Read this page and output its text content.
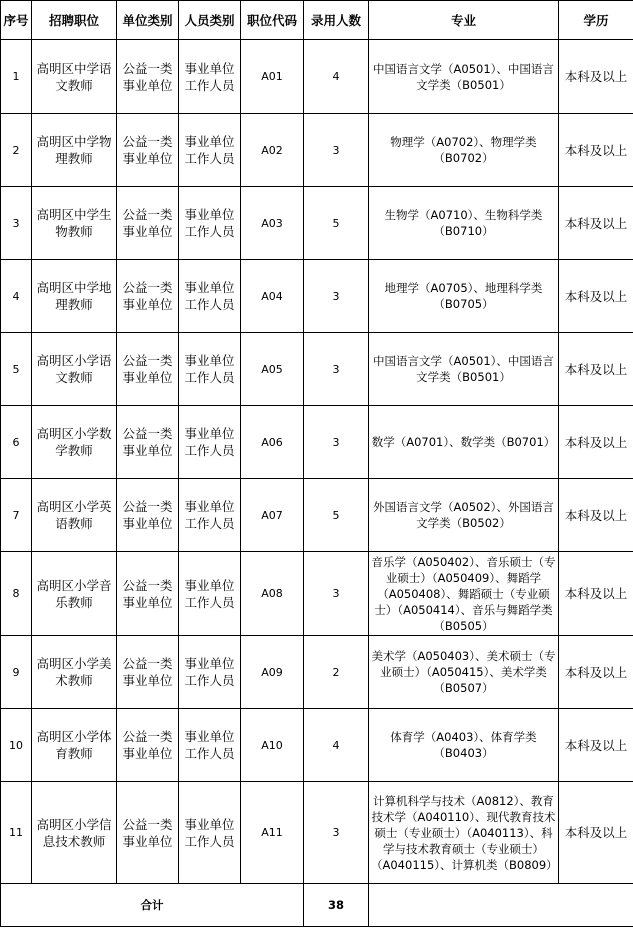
序号	招聘职位	单位类别	人员类别	职位代码	录用人数	专业	学历
1	高明区中学语文教师	公益一类事业单位	事业单位工作人员	A01	4	中国语言文学（A0501）、中国语言文学类（B0501）	本科及以上
2	高明区中学物理教师	公益一类事业单位	事业单位工作人员	A02	3	物理学（A0702）、物理学类（B0702）	本科及以上
3	高明区中学生物教师	公益一类事业单位	事业单位工作人员	A03	5	生物学（A0710）、生物科学类（B0710）	本科及以上
4	高明区中学地理教师	公益一类事业单位	事业单位工作人员	A04	3	地理学（A0705）、地理科学类（B0705）	本科及以上
5	高明区小学语文教师	公益一类事业单位	事业单位工作人员	A05	3	中国语言文学（A0501）、中国语言文学类（B0501）	本科及以上
6	高明区小学数学教师	公益一类事业单位	事业单位工作人员	A06	3	数学（A0701）、数学类（B0701）	本科及以上
7	高明区小学英语教师	公益一类事业单位	事业单位工作人员	A07	5	外国语言文学（A0502）、外国语言文学类（B0502）	本科及以上
8	高明区小学音乐教师	公益一类事业单位	事业单位工作人员	A08	3	音乐学（A050402）、音乐硕士（专业硕士）（A050409）、舞蹈学（A050408）、舞蹈硕士（专业硕士）（A050414）、音乐与舞蹈学类（B0505）	本科及以上
9	高明区小学美术教师	公益一类事业单位	事业单位工作人员	A09	2	美术学（A050403）、美术硕士（专业硕士）（A050415）、美术学类（B0507）	本科及以上
10	高明区小学体育教师	公益一类事业单位	事业单位工作人员	A10	4	体育学（A0403）、体育学类（B0403）	本科及以上
11	高明区小学信息技术教师	公益一类事业单位	事业单位工作人员	A11	3	计算机科学与技术（A0812）、教育技术学（A040110）、现代教育技术硕士（专业硕士）（A040113）、科学与技术教育硕士（专业硕士）（A040115）、计算机类（B0809）	本科及以上
合计					38		
